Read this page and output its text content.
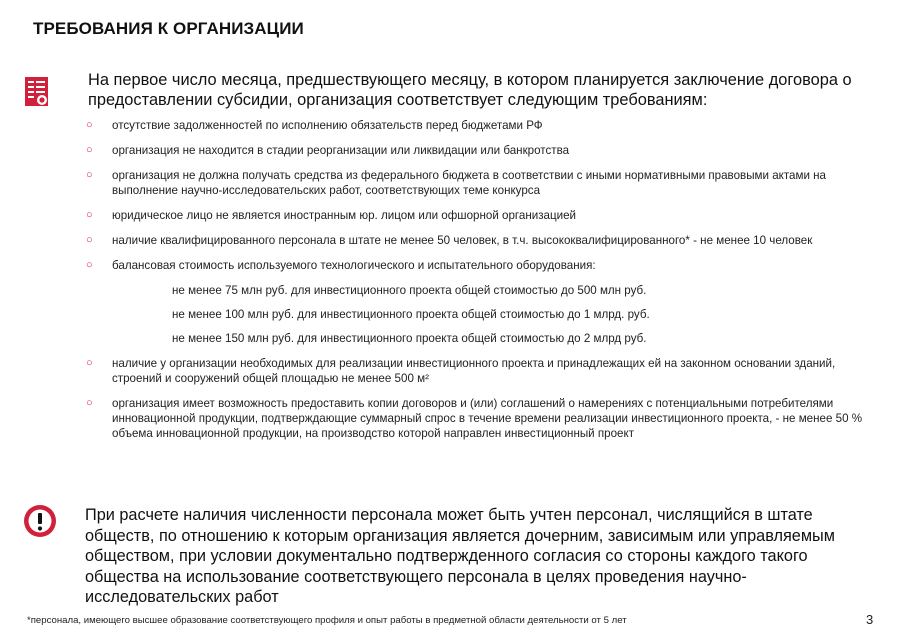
ТРЕБОВАНИЯ К ОРГАНИЗАЦИИ
На первое число месяца, предшествующего месяцу, в котором планируется заключение договора о предоставлении субсидии, организация соответствует следующим требованиям:
○	отсутствие задолженностей по исполнению обязательств перед бюджетами РФ
○	организация не находится в стадии реорганизации или ликвидации или банкротства
○	организация не должна получать средства из федерального бюджета в соответствии с иными нормативными правовыми актами на выполнение научно-исследовательских работ, соответствующих теме конкурса
○	юридическое лицо не является иностранным юр. лицом или офшорной организацией
○	наличие квалифицированного персонала в штате не менее 50 человек, в т.ч. высококвалифицированного* - не менее 10 человек
○	балансовая стоимость используемого технологического и испытательного оборудования:
не менее 75 млн руб. для инвестиционного проекта общей стоимостью до 500 млн руб.
не менее 100 млн руб. для инвестиционного проекта общей стоимостью до 1 млрд. руб.
не менее 150 млн руб. для инвестиционного проекта общей стоимостью до 2 млрд руб.
○	наличие у организации необходимых для реализации инвестиционного проекта и принадлежащих ей на законном основании зданий, строений и сооружений общей площадью не менее 500 м²
○	организация имеет возможность предоставить копии договоров и (или) соглашений о намерениях с потенциальными потребителями инновационной продукции, подтверждающие суммарный спрос в течение времени реализации инвестиционного проекта, - не менее 50 % объема инновационной продукции, на производство которой направлен инвестиционный проект
При расчете наличия численности персонала может быть учтен персонал, числящийся в штате обществ, по отношению к которым организация является дочерним, зависимым или управляемым обществом, при условии документально подтвержденного согласия со стороны каждого такого общества на использование соответствующего персонала в целях проведения научно-исследовательских работ
*персонала, имеющего высшее образование соответствующего профиля и опыт работы в предметной области деятельности от 5 лет	3
